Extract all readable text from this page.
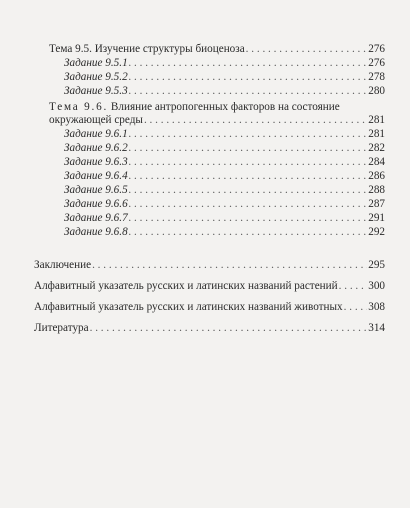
Тема 9.5. Изучение структуры биоценоза . . .	276
Задание 9.5.1 . . .	276
Задание 9.5.2 . . .	278
Задание 9.5.3 . . .	280
Тема 9.6. Влияние антропогенных факторов на состояние
окружающей среды . . .	281
Задание 9.6.1 . . .	281
Задание 9.6.2 . . .	282
Задание 9.6.3 . . .	284
Задание 9.6.4 . . .	286
Задание 9.6.5 . . .	288
Задание 9.6.6 . . .	287
Задание 9.6.7 . . .	291
Задание 9.6.8 . . .	292
Заключение . . .	295
Алфавитный указатель русских и латинских названий растений . . .	300
Алфавитный указатель русских и латинских названий животных . . . 308
Литература . . .	314
